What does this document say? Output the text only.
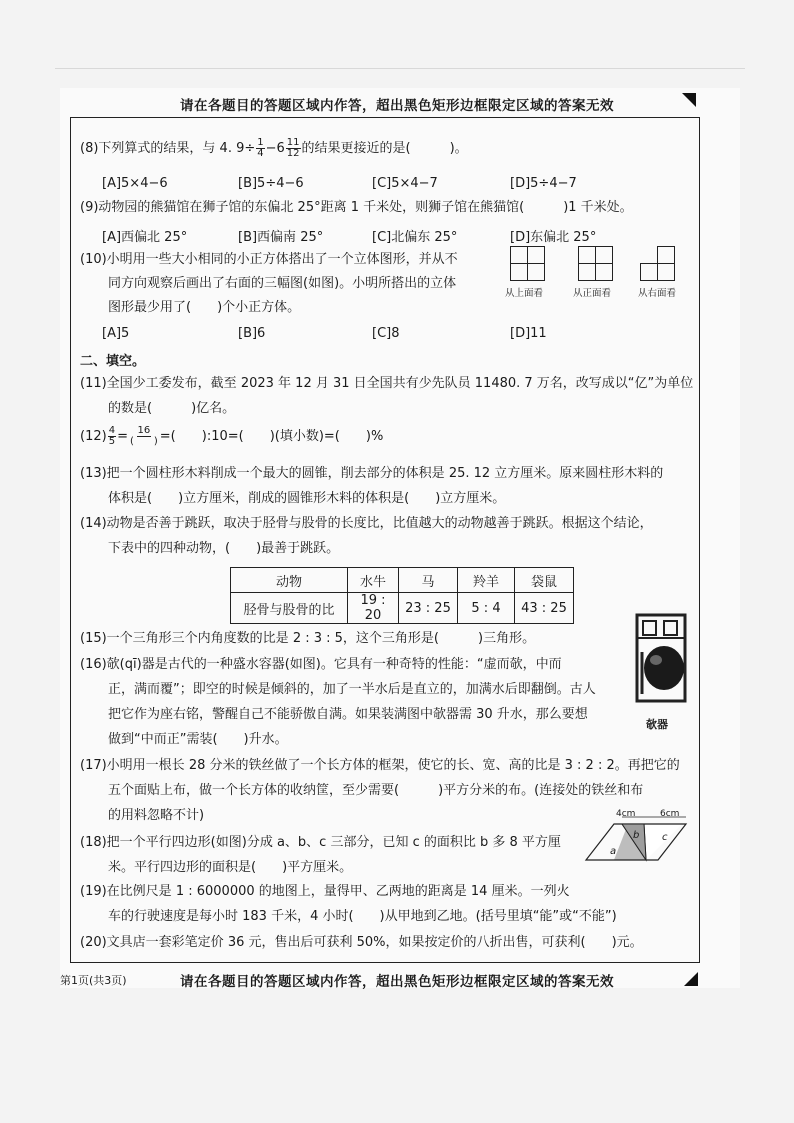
请在各题目的答题区域内作答，超出黑色矩形边框限定区域的答案无效
(8)下列算式的结果，与 4. $9\div \frac{1}{4} -6 \frac{11}{12}$ 的结果更接近的是(　　　)。
[A]5×4−6	[B]5÷4−6	[C]5×4−7	[D]5÷4−7
(9)动物园的熊猫馆在狮子馆的东偏北 25°距离 1 千米处，则狮子馆在熊猫馆(　　　)1 千米处。
[A]西偏北 25°	[B]西偏南 25°	[C]北偏东 25°	[D]东偏北 25°
(10)小明用一些大小相同的小正方体搭出了一个立体图形，并从不
同方向观察后画出了右面的三幅图(如图)。小明所搭出的立体
图形最少用了(　　)个小正方体。
[A]5	[B]6	[C]8	[D]11
从上面看	从正面看	从右面看
二、填空。
(11)全国少工委发布，截至 2023 年 12 月 31 日全国共有少先队员 11480. 7 万名，改写成以“亿”为单位
的数是(　　　)亿名。
$(12) \frac{4}{5} = \frac{16}{( )}$ =(　　):10=(　　)(填小数)=(　　)%
(13)把一个圆柱形木料削成一个最大的圆锥，削去部分的体积是 25. 12 立方厘米。原来圆柱形木料的
体积是(　　)立方厘米，削成的圆锥形木料的体积是(　　)立方厘米。
(14)动物是否善于跳跃，取决于胫骨与股骨的长度比，比值越大的动物越善于跳跃。根据这个结论，
下表中的四种动物，(　　)最善于跳跃。
动物	水牛	马	羚羊	袋鼠
胫骨与股骨的比	19 : 20	23 : 25	5 : 4	43 : 25
(15)一个三角形三个内角度数的比是 2 : 3 : 5，这个三角形是(　　　)三角形。
(16)欹(qī)器是古代的一种盛水容器(如图)。它具有一种奇特的性能：“虚而欹，中而
正，满而覆”；即空的时候是倾斜的，加了一半水后是直立的，加满水后即翻倒。古人
把它作为座右铭，警醒自己不能骄傲自满。如果装满图中欹器需 30 升水，那么要想
做到“中而正”需装(　　)升水。
欹器
(17)小明用一根长 28 分米的铁丝做了一个长方体的框架，使它的长、宽、高的比是 3 : 2 : 2。再把它的
五个面贴上布，做一个长方体的收纳筐，至少需要(　　　)平方分米的布。(连接处的铁丝和布
的用料忽略不计)
(18)把一个平行四边形(如图)分成 a、b、c 三部分，已知 c 的面积比 b 多 8 平方厘
米。平行四边形的面积是(　　)平方厘米。
4cm	6cm
a
b c
(19)在比例尺是 1 : 6000000 的地图上，量得甲、乙两地的距离是 14 厘米。一列火
车的行驶速度是每小时 183 千米，4 小时(　　)从甲地到乙地。(括号里填“能”或“不能”)
(20)文具店一套彩笔定价 36 元，售出后可获利 50%，如果按定价的八折出售，可获利(　　)元。
第1页(共3页)	请在各题目的答题区域内作答，超出黑色矩形边框限定区域的答案无效
